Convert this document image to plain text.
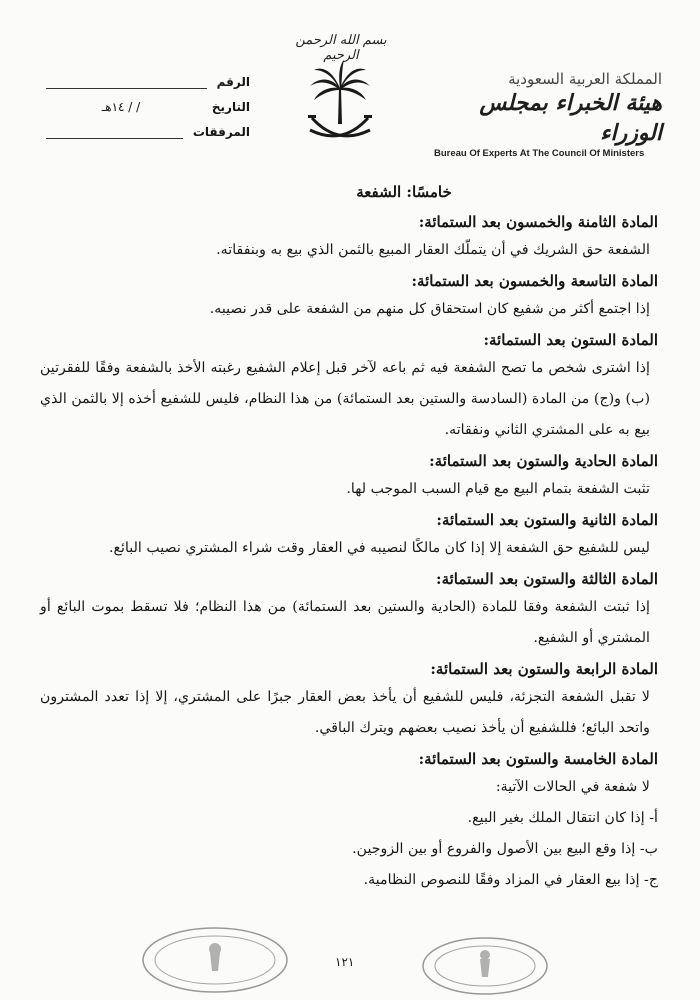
الرقم
التاريخ
/ / ١٤هـ
المرفقات
بسم الله الرحمن الرحيم
المملكة العربية السعودية
هيئة الخبراء بمجلس الوزراء
Bureau Of Experts At The Council Of Ministers
خامسًا: الشفعة
المادة الثامنة والخمسون بعد الستمائة:

الشفعة حق الشريك في أن يتملّك العقار المبيع بالثمن الذي بيع به وبنفقاته.

المادة التاسعة والخمسون بعد الستمائة:

إذا اجتمع أكثر من شفيع كان استحقاق كل منهم من الشفعة على قدر نصيبه.

المادة الستون بعد الستمائة:

إذا اشترى شخص ما تصح الشفعة فيه ثم باعه لآخر قبل إعلام الشفيع رغبته الأخذ بالشفعة وفقًا للفقرتين (ب) و(ج) من المادة (السادسة والستين بعد الستمائة) من هذا النظام، فليس للشفيع أخذه إلا بالثمن الذي بيع به على المشتري الثاني ونفقاته.

المادة الحادية والستون بعد الستمائة:

تثبت الشفعة بتمام البيع مع قيام السبب الموجب لها.

المادة الثانية والستون بعد الستمائة:

ليس للشفيع حق الشفعة إلا إذا كان مالكًا لنصيبه في العقار وقت شراء المشتري نصيب البائع.

المادة الثالثة والستون بعد الستمائة:

إذا ثبتت الشفعة وفقا للمادة (الحادية والستين بعد الستمائة) من هذا النظام؛ فلا تسقط بموت البائع أو المشتري أو الشفيع.

المادة الرابعة والستون بعد الستمائة:

لا تقبل الشفعة التجزئة، فليس للشفيع أن يأخذ بعض العقار جبرًا على المشتري، إلا إذا تعدد المشترون واتحد البائع؛ فللشفيع أن يأخذ نصيب بعضهم ويترك الباقي.

المادة الخامسة والستون بعد الستمائة:

لا شفعة في الحالات الآتية:

أ- إذا كان انتقال الملك بغير البيع.
ب- إذا وقع البيع بين الأصول والفروع أو بين الزوجين.
ج- إذا بيع العقار في المزاد وفقًا للنصوص النظامية.
١٢١
